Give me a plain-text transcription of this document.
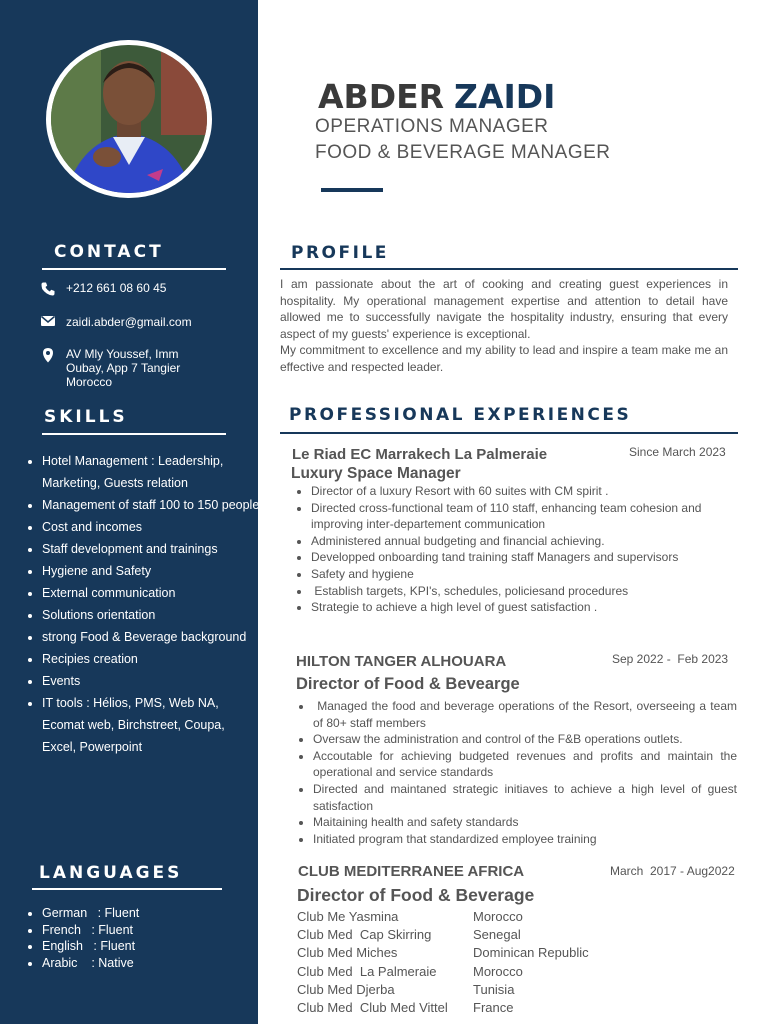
CONTACT
+212 661 08 60 45
zaidi.abder@gmail.com
AV Mly Youssef, Imm
Oubay, App 7 Tangier
Morocco
SKILLS
• Hotel Management : Leadership, Marketing, Guests relation
• Management of staff 100 to 150 people
• Cost and incomes
• Staff development and trainings
• Hygiene and Safety
• External communication
• Solutions orientation
• strong Food & Beverage background
• Recipies creation
• Events
• IT tools : Hélios, PMS, Web NA, Ecomat web, Birchstreet, Coupa, Excel, Powerpoint
LANGUAGES
• German   : Fluent
• French   : Fluent
• English   : Fluent
• Arabic    : Native
ABDER ZAIDI
OPERATIONS MANAGER
FOOD & BEVERAGE MANAGER
PROFILE

I am passionate about the art of cooking and creating guest experiences in hospitality. My operational management expertise and attention to detail have allowed me to successfully navigate the hospitality industry, ensuring that every aspect of my guests' experience is exceptional.

My commitment to excellence and my ability to lead and inspire a team make me an effective and respected leader.

PROFESSIONAL EXPERIENCES
Le Riad EC Marrakech La Palmeraie	Since March 2023
Luxury Space Manager
• Director of a luxury Resort with 60 suites with CM spirit .
• Directed cross-functional team of 110 staff, enhancing team cohesion and improving inter-departement communication
• Administered annual budgeting and financial achieving.
• Developped onboarding tand training staff Managers and supervisors
• Safety and hygiene
•  Establish targets, KPI's, schedules, policiesand procedures
• Strategie to achieve a high level of guest satisfaction .
HILTON TANGER ALHOUARA	Sep 2022 -  Feb 2023
Director of Food & Bevearge
•  Managed the food and beverage operations of the Resort, overseeing a team of 80+ staff members
• Oversaw the administration and control of the F&B operations outlets.
• Accoutable for achieving budgeted revenues and profits and maintain the operational and service standards
• Directed and maintaned strategic initiaves to achieve a high level of guest satisfaction
• Maitaining health and safety standards
• Initiated program that standardized employee training
CLUB MEDITERRANEE AFRICA	March  2017 - Aug2022
Director of Food & Beverage
Club Me Yasmina	Morocco
Club Med  Cap Skirring	Senegal
Club Med Miches	Dominican Republic
Club Med  La Palmeraie	Morocco
Club Med Djerba	Tunisia
Club Med  Club Med Vittel	France
